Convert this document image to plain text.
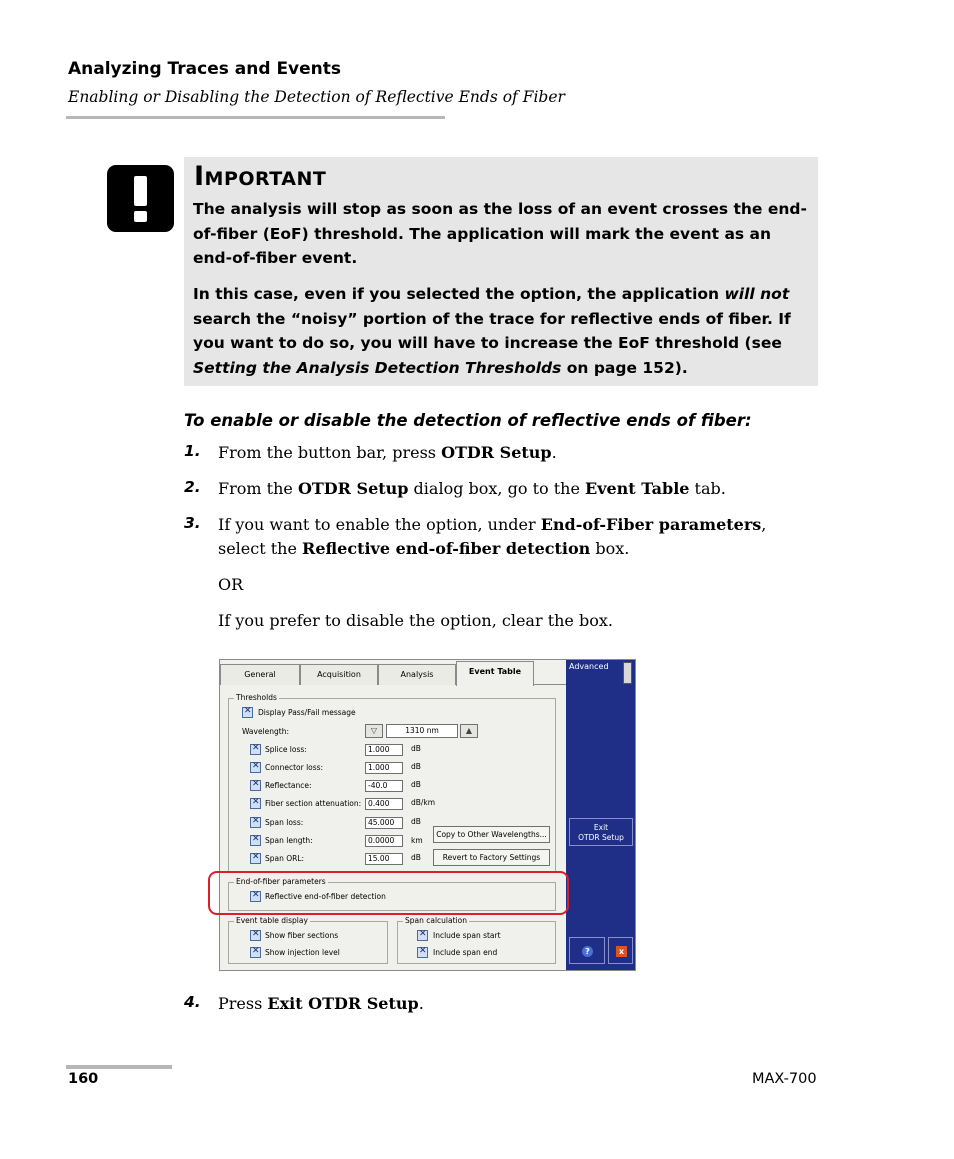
Analyzing Traces and Events
Enabling or Disabling the Detection of Reflective Ends of Fiber
Important
The analysis will stop as soon as the loss of an event crosses the end-of-fiber (EoF) threshold. The application will mark the event as an end-of-fiber event.
In this case, even if you selected the option, the application will not search the “noisy” portion of the trace for reflective ends of fiber. If you want to do so, you will have to increase the EoF threshold (see Setting the Analysis Detection Thresholds on page 152).
To enable or disable the detection of reflective ends of fiber:
1. From the button bar, press OTDR Setup.
2. From the OTDR Setup dialog box, go to the Event Table tab.
3. If you want to enable the option, under End-of-Fiber parameters, select the Reflective end-of-fiber detection box.
OR
If you prefer to disable the option, clear the box.
General	Acquisition	Analysis	Event Table
Thresholds
✕
Display Pass/Fail message
Wavelength:	▽	1310 nm	▲
✕
Splice loss:	1.000	dB
✕
Connector loss:	1.000	dB
✕
Reflectance:	-40.0	dB
✕
Fiber section attenuation: 0.400	dB/km
✕
Span loss:	45.000	dB
✕
Span length:	0.0000	km
✕
Span ORL:	15.00	dB
Copy to Other Wavelengths...
Revert to Factory Settings
End-of-fiber parameters
✕
Reflective end-of-fiber detection
Event table display
✕
Show fiber sections
✕
Show injection level
Span calculation
✕
Include span start
✕
Include span end
Advanced
Exit
OTDR Setup
?	x
4. Press Exit OTDR Setup.
160	MAX-700
